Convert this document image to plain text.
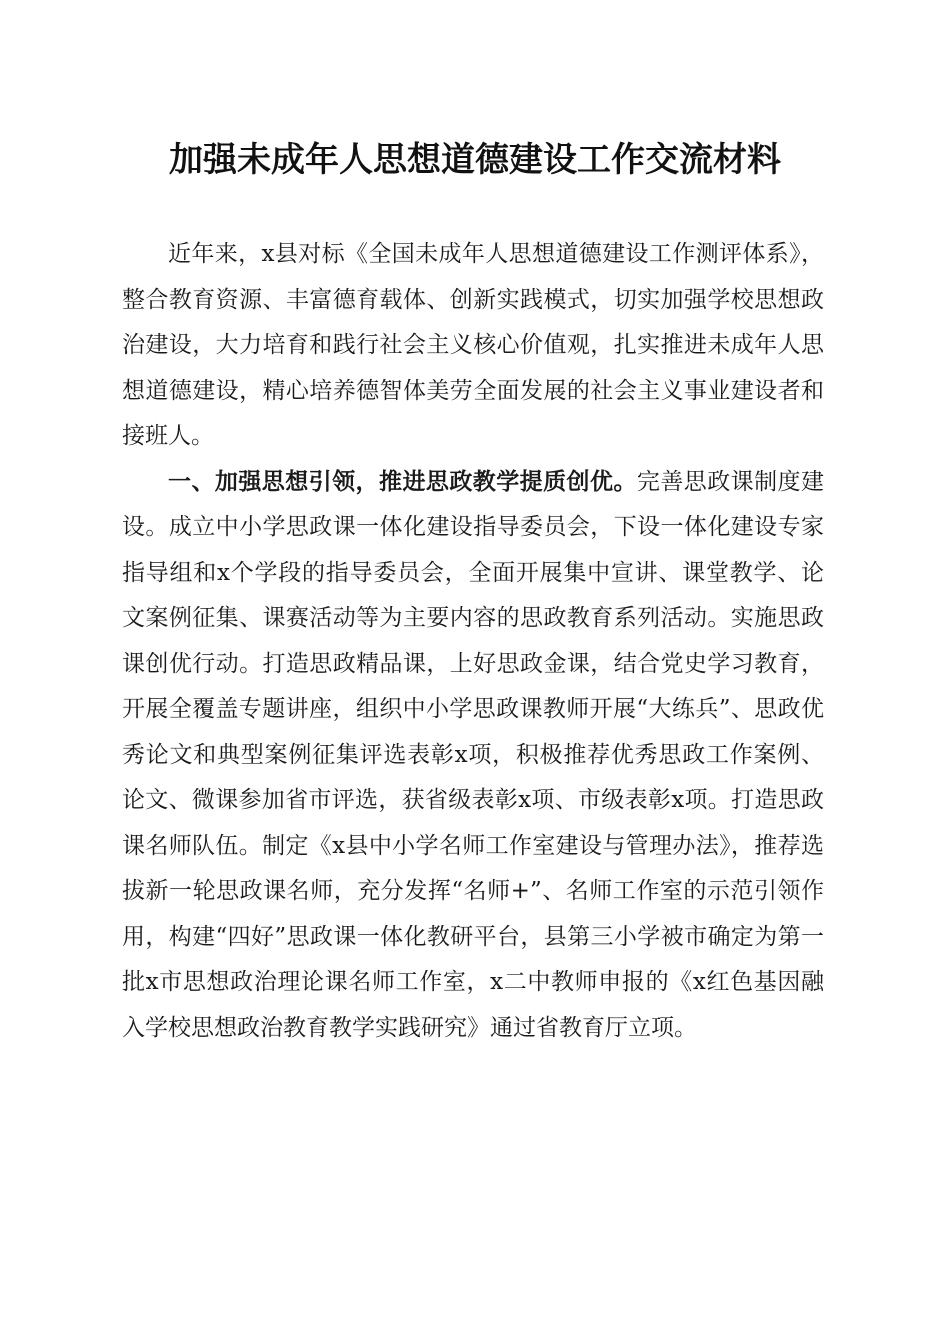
加强未成年人思想道德建设工作交流材料

近年来，x县对标《全国未成年人思想道德建设工作测评体系》，整合教育资源、丰富德育载体、创新实践模式，切实加强学校思想政治建设，大力培育和践行社会主义核心价值观，扎实推进未成年人思想道德建设，精心培养德智体美劳全面发展的社会主义事业建设者和接班人。

一、加强思想引领，推进思政教学提质创优。完善思政课制度建设。成立中小学思政课一体化建设指导委员会，下设一体化建设专家指导组和x个学段的指导委员会，全面开展集中宣讲、课堂教学、论文案例征集、课赛活动等为主要内容的思政教育系列活动。实施思政课创优行动。打造思政精品课，上好思政金课，结合党史学习教育，开展全覆盖专题讲座，组织中小学思政课教师开展“大练兵”、思政优秀论文和典型案例征集评选表彰x项，积极推荐优秀思政工作案例、论文、微课参加省市评选，获省级表彰x项、市级表彰x项。打造思政课名师队伍。制定《x县中小学名师工作室建设与管理办法》，推荐选拔新一轮思政课名师，充分发挥“名师+”、名师工作室的示范引领作用，构建“四好”思政课一体化教研平台，县第三小学被市确定为第一批x市思想政治理论课名师工作室，x二中教师申报的《x红色基因融入学校思想政治教育教学实践研究》通过省教育厅立项。
